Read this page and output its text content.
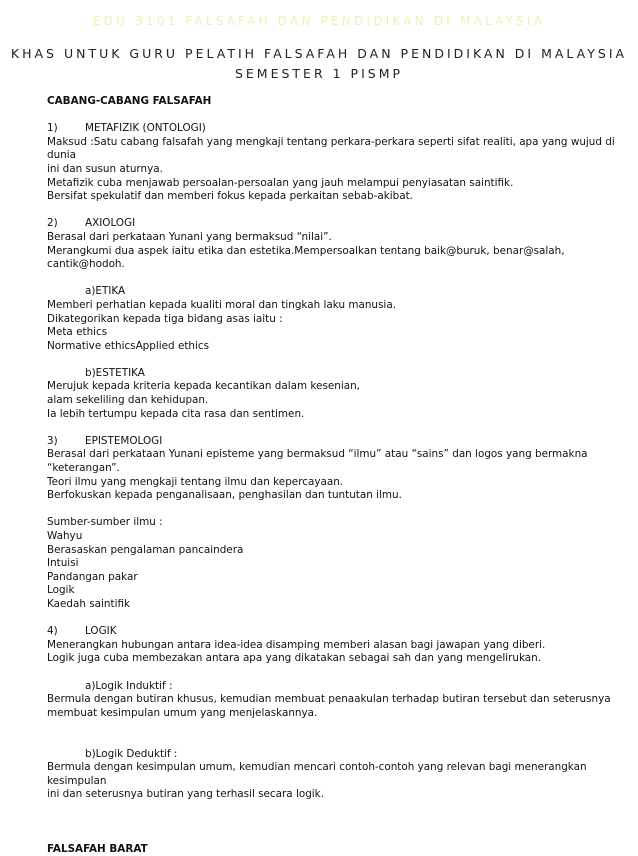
EDU 3101 FALSAFAH DAN PENDIDIKAN DI MALAYSIA
KHAS UNTUK GURU PELATIH FALSAFAH DAN PENDIDIKAN DI MALAYSIA
SEMESTER 1 PISMP

CABANG-CABANG FALSAFAH

1)	METAFIZIK (ONTOLOGI)

Maksud :Satu cabang falsafah yang mengkaji tentang perkara-perkara seperti sifat realiti, apa yang wujud di dunia

ini dan susun aturnya.

Metafizik cuba menjawab persoalan-persoalan yang jauh melampui penyiasatan saintifik.

Bersifat spekulatif dan memberi fokus kepada perkaitan sebab-akibat.

2)	AXIOLOGI

Berasal dari perkataan Yunani yang bermaksud “nilai”.

Merangkumi dua aspek iaitu etika dan estetika.Mempersoalkan tentang baik@buruk, benar@salah, cantik@hodoh.

a)ETIKA

Memberi perhatian kepada kualiti moral dan tingkah laku manusia.

Dikategorikan kepada tiga bidang asas iaitu :

Meta ethics

Normative ethicsApplied ethics

b)ESTETIKA

Merujuk kepada kriteria kepada kecantikan dalam kesenian,

alam sekeliling dan kehidupan.

Ia lebih tertumpu kepada cita rasa dan sentimen.

3)	EPISTEMOLOGI

Berasal dari perkataan Yunani episteme yang bermaksud “ilmu” atau “sains” dan logos yang bermakna

“keterangan”.

Teori ilmu yang mengkaji tentang ilmu dan kepercayaan.

Berfokuskan kepada penganalisaan, penghasilan dan tuntutan ilmu.

Sumber-sumber ilmu :

Wahyu

Berasaskan pengalaman pancaindera

Intuisi

Pandangan pakar

Logik

Kaedah saintifik

4)	LOGIK

Menerangkan hubungan antara idea-idea disamping memberi alasan bagi jawapan yang diberi.

Logik juga cuba membezakan antara apa yang dikatakan sebagai sah dan yang mengelirukan.

a)Logik Induktif :

Bermula dengan butiran khusus, kemudian membuat penaakulan terhadap butiran tersebut dan seterusnya

membuat kesimpulan umum yang menjelaskannya.

b)Logik Deduktif :

Bermula dengan kesimpulan umum, kemudian mencari contoh-contoh yang relevan bagi menerangkan kesimpulan

ini dan seterusnya butiran yang terhasil secara logik.

FALSAFAH BARAT
